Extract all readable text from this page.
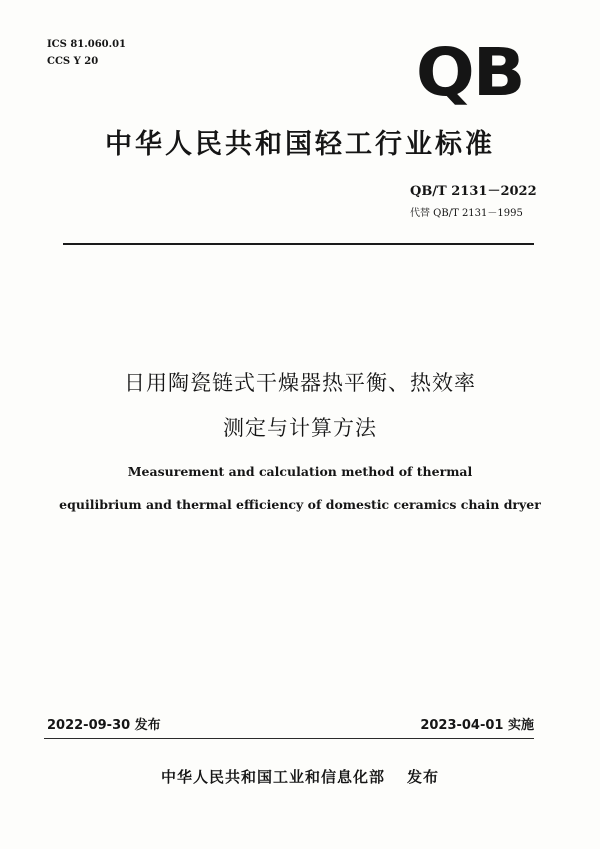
ICS 81.060.01
CCS Y 20	QB
中华人民共和国轻工行业标准
QB/T 2131－2022
代替 QB/T 2131－1995
日用陶瓷链式干燥器热平衡、热效率
测定与计算方法
Measurement and calculation method of thermal
equilibrium and thermal efficiency of domestic ceramics chain dryer
2022-09-30 发布	2023-04-01 实施
中华人民共和国工业和信息化部 发布
